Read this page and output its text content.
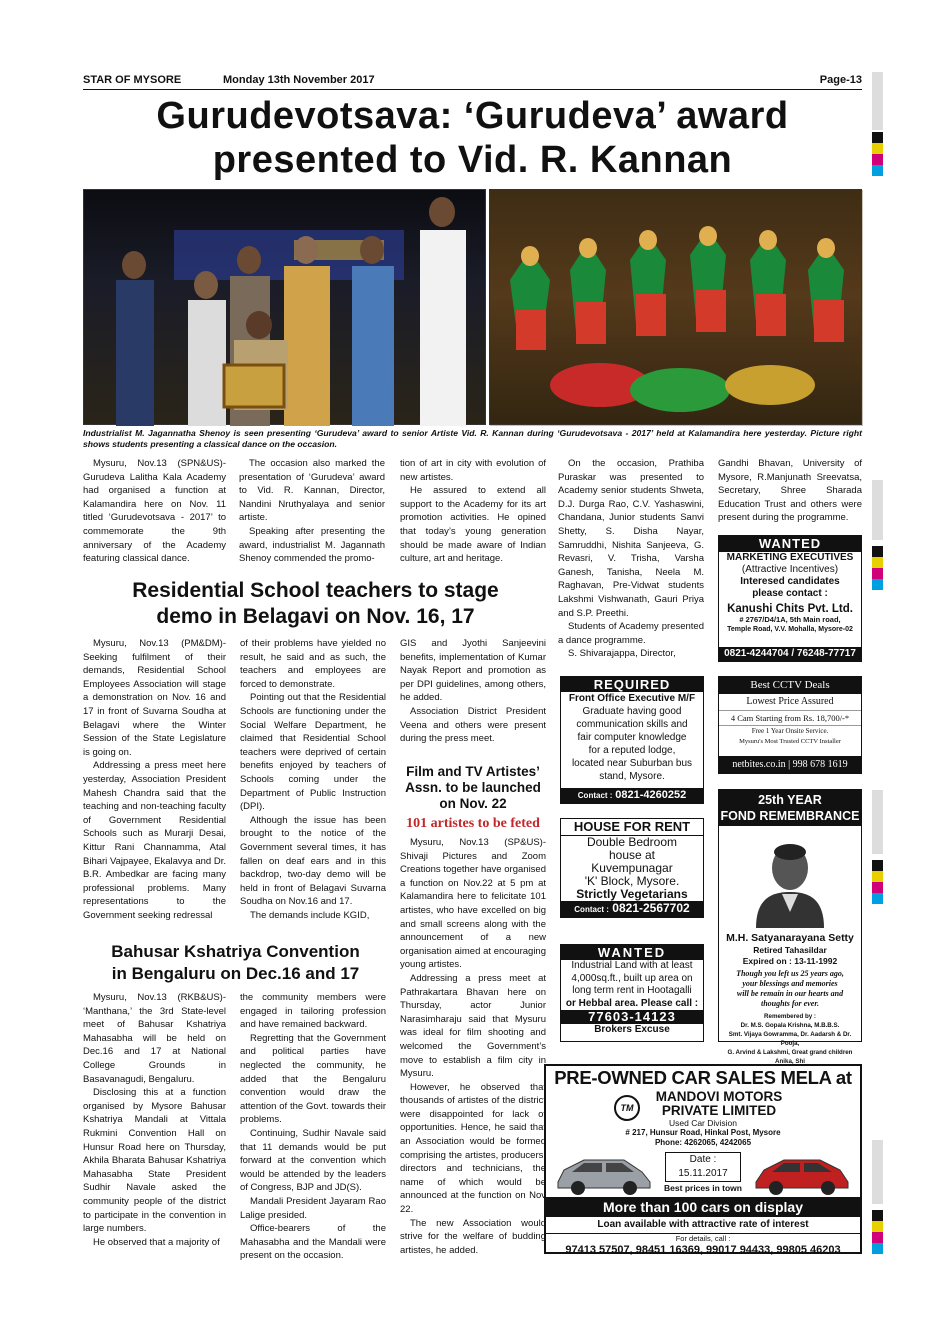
STAR OF MYSORE	Monday 13th November 2017	Page-13
Gurudevotsava: ‘Gurudeva’ award
presented to Vid. R. Kannan
Industrialist M. Jagannatha Shenoy is seen presenting ‘Gurudeva’ award to senior Artiste Vid. R. Kannan during ‘Gurudevotsava - 2017’ held at Kalamandira here yesterday. Picture right shows students presenting a classical dance on the occasion.

Mysuru, Nov.13 (SPN&US)- Gurudeva Lalitha Kala Academy had organised a function at Kalamandira here on Nov. 11 titled ‘Gurudevotsava - 2017’ to commemorate the 9th anniversary of the Academy featuring classical dance.

The occasion also marked the presentation of ‘Gurudeva’ award to Vid. R. Kannan, Director, Nandini Nruthyalaya and senior artiste.

Speaking after presenting the award, industrialist M. Jagannath Shenoy commended the promo-

tion of art in city with evolution of new artistes.

He assured to extend all support to the Academy for its art promotion activities. He opined that today’s young generation should be made aware of Indian culture, art and heritage.

On the occasion, Prathiba Puraskar was presented to Academy senior students Shweta, D.J. Durga Rao, C.V. Yashaswini, Chandana, Junior students Sanvi Shetty, S. Disha Nayar, Samruddhi, Nishita Sanjeeva, G. Revasri, V. Trisha, Varsha Ganesh, Tanisha, Neela M. Raghavan, Pre-Vidwat students Lakshmi Vishwanath, Gauri Priya and S.P. Preethi.

Students of Academy presented a dance programme.

S. Shivarajappa, Director,

Gandhi Bhavan, University of Mysore, R.Manjunath Sreevatsa, Secretary, Shree Sharada Education Trust and others were present during the programme.

Residential School teachers to stage
demo in Belagavi on Nov. 16, 17

Mysuru, Nov.13 (PM&DM)- Seeking fulfilment of their demands, Residential School Employees Association will stage a demonstration on Nov. 16 and 17 in front of Suvarna Soudha at Belagavi where the Winter Session of the State Legislature is going on.

Addressing a press meet here yesterday, Association President Mahesh Chandra said that the teaching and non-teaching faculty of Government Residential Schools such as Murarji Desai, Kittur Rani Channamma, Atal Bihari Vajpayee, Ekalavya and Dr. B.R. Ambedkar are facing many professional problems. Many representations to the Government seeking redressal

of their problems have yielded no result, he said and as such, the teachers and employees are forced to demonstrate.

Pointing out that the Residential Schools are functioning under the Social Welfare Department, he claimed that Residential School teachers were deprived of certain benefits enjoyed by teachers of Schools coming under the Department of Public Instruction (DPI).

Although the issue has been brought to the notice of the Government several times, it has fallen on deaf ears and in this backdrop, two-day demo will be held in front of Belagavi Suvarna Soudha on Nov.16 and 17.

The demands include KGID,

GIS and Jyothi Sanjeevini benefits, implementation of Kumar Nayak Report and promotion as per DPI guidelines, among others, he added.

Association District President Veena and others were present during the press meet.

Film and TV Artistes’
Assn. to be launched
on Nov. 22
101 artistes to be feted

Mysuru, Nov.13 (SP&US)- Shivaji Pictures and Zoom Creations together have organised a function on Nov.22 at 5 pm at Kalamandira here to felicitate 101 artistes, who have excelled on big and small screens along with the announcement of a new organisation aimed at encouraging young artistes.

Addressing a press meet at Pathrakartara Bhavan here on Thursday, actor Junior Narasimharaju said that Mysuru was ideal for film shooting and welcomed the Government’s move to establish a film city in Mysuru.

However, he observed that thousands of artistes of the district were disappointed for lack of opportunities. Hence, he said that an Association would be formed comprising the artistes, producers, directors and technicians, the name of which would be announced at the function on Nov 22.

The new Association would strive for the welfare of budding artistes, he added.

Bahusar Kshatriya Convention
in Bengaluru on Dec.16 and 17

Mysuru, Nov.13 (RKB&US)- ‘Manthana,’ the 3rd State-level meet of Bahusar Kshatriya Mahasabha will be held on Dec.16 and 17 at National College Grounds in Basavanagudi, Bengaluru.

Disclosing this at a function organised by Mysore Bahusar Kshatriya Mandali at Vittala Rukmini Convention Hall on Hunsur Road here on Thursday, Akhila Bharata Bahusar Kshatriya Mahasabha State President Sudhir Navale asked the community people of the district to participate in the convention in large numbers.

He observed that a majority of

the community members were engaged in tailoring profession and have remained backward.

Regretting that the Government and political parties have neglected the community, he added that the Bengaluru convention would draw the attention of the Govt. towards their problems.

Continuing, Sudhir Navale said that 11 demands would be put forward at the convention which would be attended by the leaders of Congress, BJP and JD(S).

Mandali President Jayaram Rao Lalige presided.

Office-bearers of the Mahasabha and the Mandali were present on the occasion.

WANTED
MARKETING EXECUTIVES
(Attractive Incentives)
Interesed candidates
please contact :
Kanushi Chits Pvt. Ltd.
# 2767/D4/1A, 5th Main road,
Temple Road, V.V. Mohalla, Mysore-02
0821-4244704 / 76248-77717
REQUIRED
Front Office Executive M/F
Graduate having good
communication skills and
fair computer knowledge
for a reputed lodge,
located near Suburban bus
stand, Mysore.
Contact : 0821-4260252
Best CCTV Deals
Lowest Price Assured
4 Cam Starting from Rs. 18,700/-*
Free 1 Year Onsite Service.
Mysuru's Most Trusted CCTV Installer
netbites.co.in | 998 678 1619
HOUSE FOR RENT
Double Bedroom
house at
Kuvempunagar
'K' Block, Mysore.
Strictly Vegetarians
Contact : 0821-2567702
25th YEAR
FOND REMEMBRANCE
M.H. Satyanarayana Setty
Retired Tahasildar
Expired on : 13-11-1992
Though you left us 25 years ago,
your blessings and memories
will be remain in our hearts and
thoughts for ever.
Remembered by :
Dr. M.S. Gopala Krishna, M.B.B.S.
Smt. Vijaya Gowramma, Dr. Aadarsh & Dr. Pooja,
G. Arvind & Lakshmi, Great grand children Anika, Shi
WANTED
Industrial Land with at least
4,000sq.ft., built up area on
long term rent in Hootagalli
or Hebbal area. Please call :
77603-14123
Brokers Excuse
PRE-OWNED CAR SALES MELA at
TM
MANDOVI MOTORS
PRIVATE LIMITED
Used Car Division
# 217, Hunsur Road, Hinkal Post, Mysore
Phone: 4262065, 4242065
Date : 15.11.2017
Best prices in town
More than 100 cars on display
Loan available with attractive rate of interest
For details, call :
97413 57507, 98451 16369, 99017 94433, 99805 46203
